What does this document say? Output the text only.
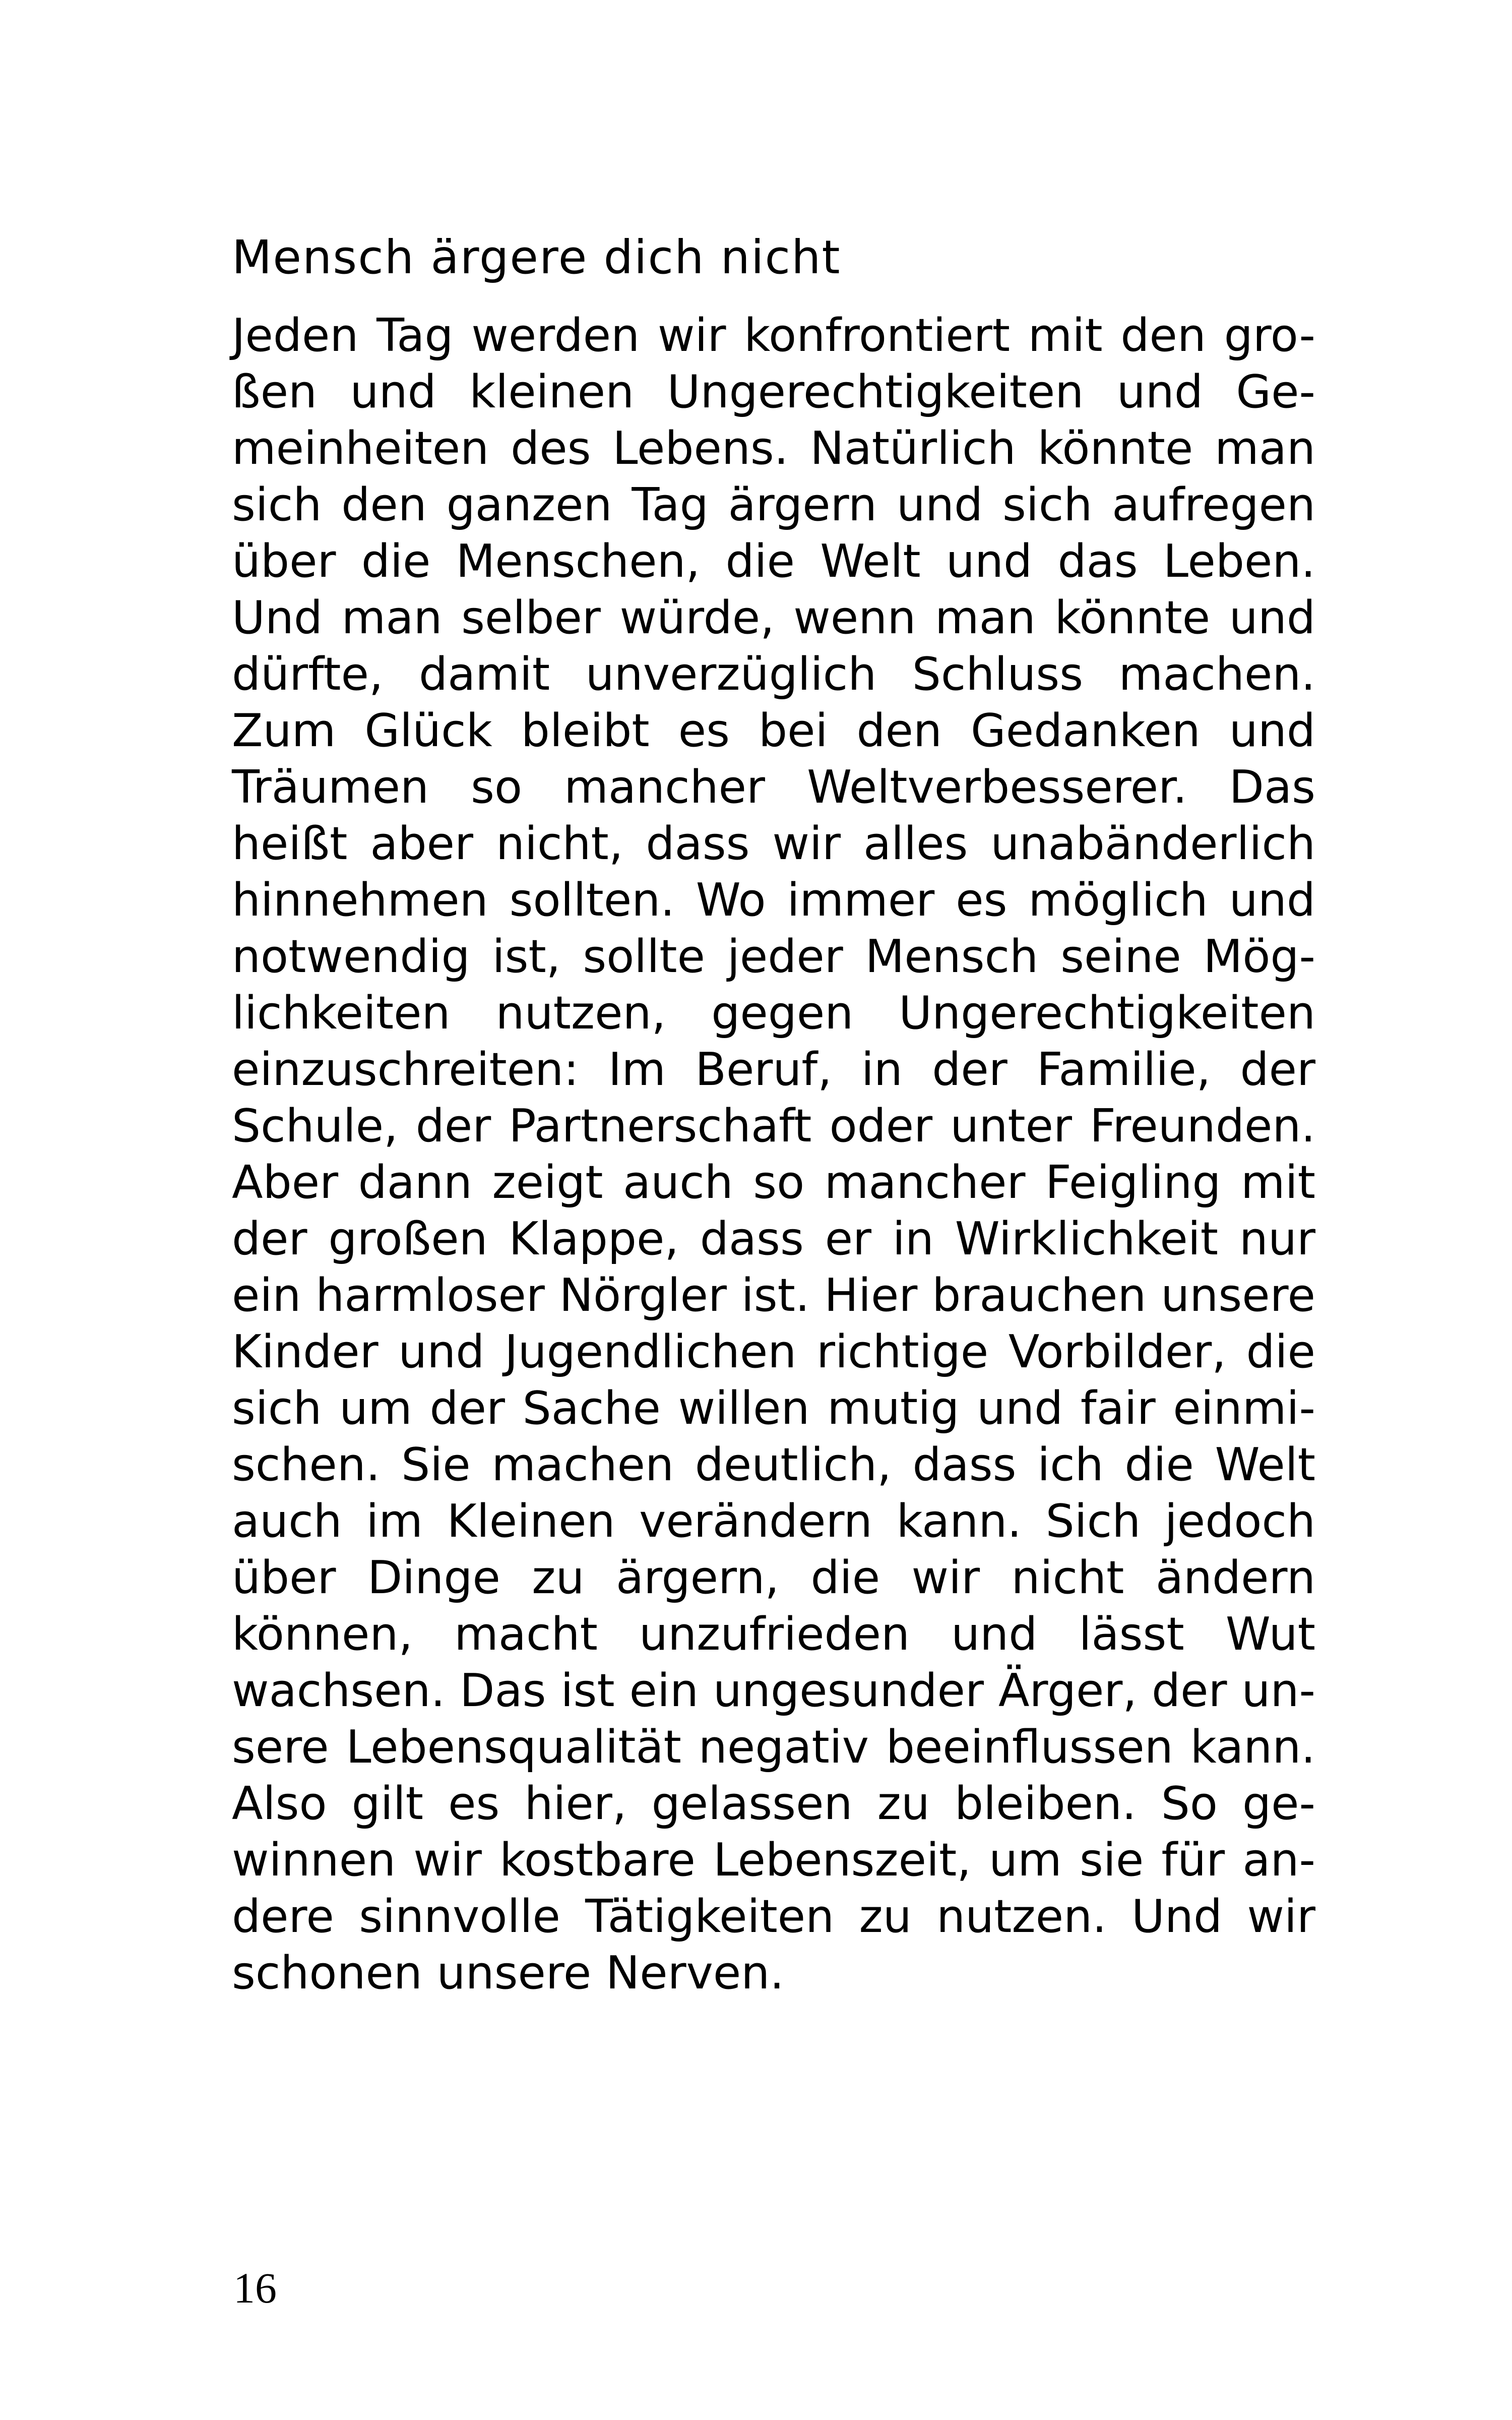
Mensch ärgere dich nicht
Jeden Tag werden wir konfrontiert mit den gro-
ßen und kleinen Ungerechtigkeiten und Ge-
meinheiten des Lebens. Natürlich könnte man
sich den ganzen Tag ärgern und sich aufregen
über die Menschen, die Welt und das Leben.
Und man selber würde, wenn man könnte und
dürfte, damit unverzüglich Schluss machen.
Zum Glück bleibt es bei den Gedanken und
Träumen so mancher Weltverbesserer. Das
heißt aber nicht, dass wir alles unabänderlich
hinnehmen sollten. Wo immer es möglich und
notwendig ist, sollte jeder Mensch seine Mög-
lichkeiten nutzen, gegen Ungerechtigkeiten
einzuschreiten: Im Beruf, in der Familie, der
Schule, der Partnerschaft oder unter Freunden.
Aber dann zeigt auch so mancher Feigling mit
der großen Klappe, dass er in Wirklichkeit nur
ein harmloser Nörgler ist. Hier brauchen unsere
Kinder und Jugendlichen richtige Vorbilder, die
sich um der Sache willen mutig und fair einmi-
schen. Sie machen deutlich, dass ich die Welt
auch im Kleinen verändern kann. Sich jedoch
über Dinge zu ärgern, die wir nicht ändern
können, macht unzufrieden und lässt Wut
wachsen. Das ist ein ungesunder Ärger, der un-
sere Lebensqualität negativ beeinflussen kann.
Also gilt es hier, gelassen zu bleiben. So ge-
winnen wir kostbare Lebenszeit, um sie für an-
dere sinnvolle Tätigkeiten zu nutzen. Und wir
schonen unsere Nerven.
16
